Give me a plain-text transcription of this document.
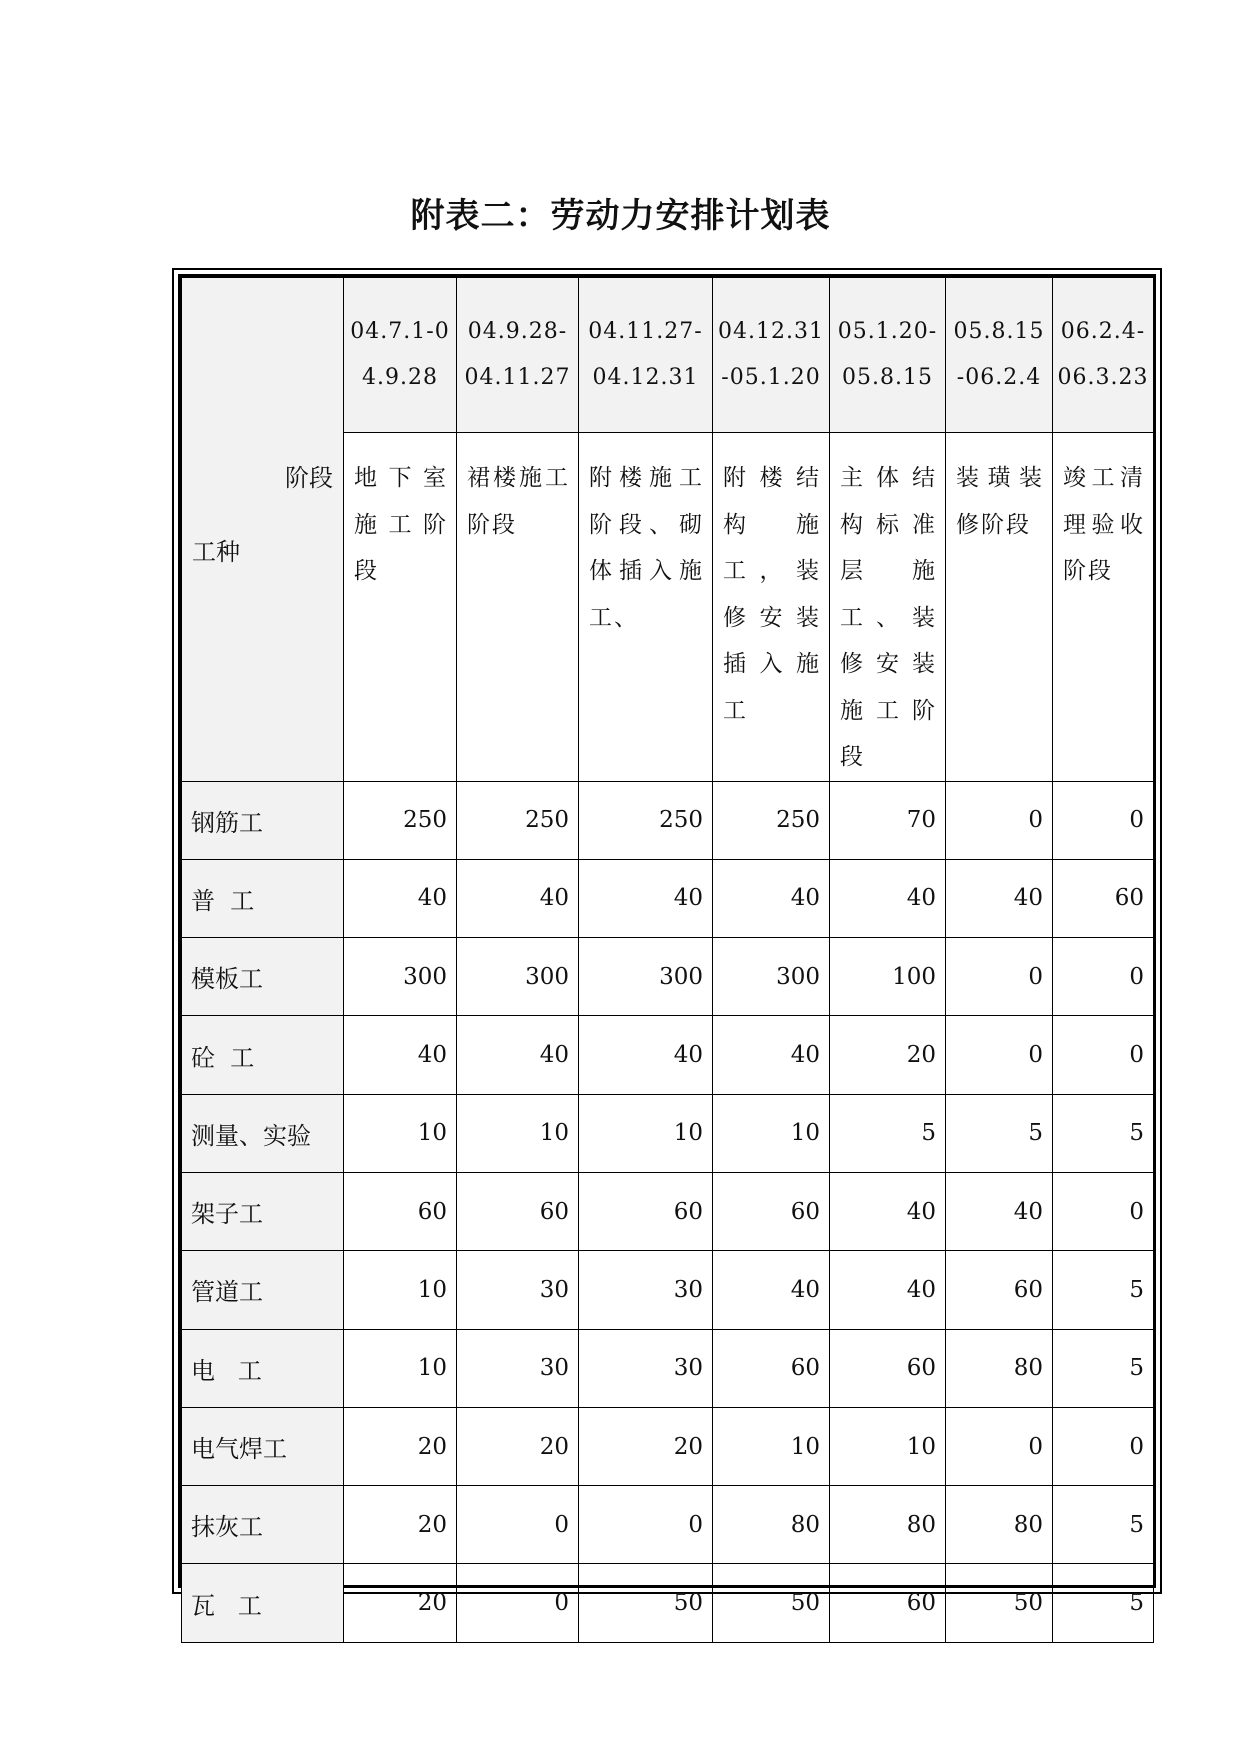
附表二：劳动力安排计划表
阶段
工种	04.7.1-04.9.28	04.9.28-04.11.27	04.11.27-04.12.31	04.12.31-05.1.20	05.1.20-05.8.15	05.8.15-06.2.4	06.2.4-06.3.23
	地下室施工阶段	裙楼施工阶段	附楼施工阶段、砌体插入施工、	附楼结构施工，装修安装插入施工	主体结构标准层施工、装修安装施工阶段	装璜装修阶段	竣工清理验收阶段
钢筋工	250	250	250	250	70	0	0
普  工	40	40	40	40	40	40	60
模板工	300	300	300	300	100	0	0
砼  工	40	40	40	40	20	0	0
测量、实验	10	10	10	10	5	5	5
架子工	60	60	60	60	40	40	0
管道工	10	30	30	40	40	60	5
电   工	10	30	30	60	60	80	5
电气焊工	20	20	20	10	10	0	0
抹灰工	20	0	0	80	80	80	5
瓦   工	20	0	50	50	60	50	5
